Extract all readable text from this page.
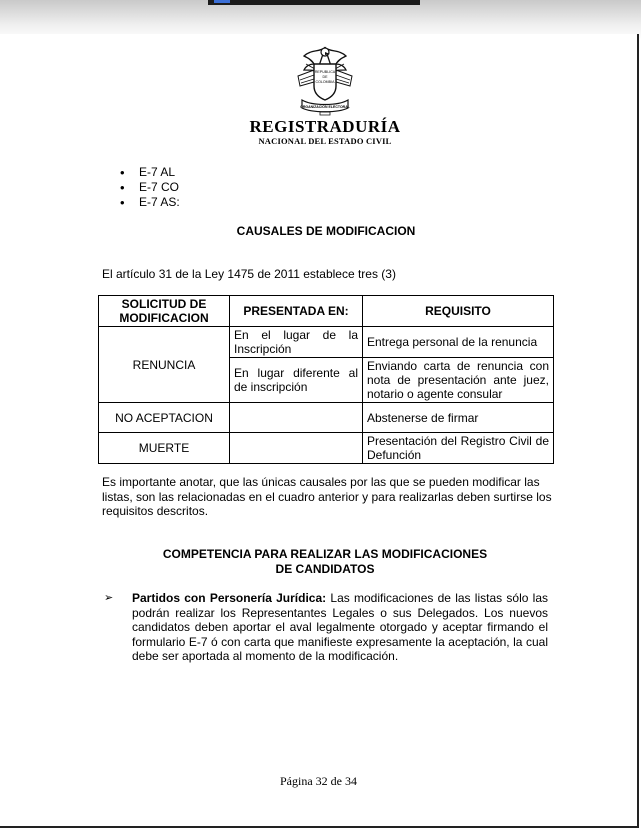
REPUBLICA
DE
COLOMBIA
ORGANIZACION ELECTORAL
REGISTRADURÍA
NACIONAL DEL ESTADO CIVIL
• E-7 AL
• E-7 CO
• E-7 AS:
CAUSALES DE MODIFICACION
El artículo 31 de la Ley 1475 de 2011 establece tres (3)
SOLICITUD DE MODIFICACION	PRESENTADA EN:	REQUISITO
RENUNCIA	En el lugar de la Inscripción	Entrega personal de la renuncia
	En lugar diferente al de inscripción	Enviando carta de renuncia con nota de presentación ante juez, notario o agente consular
NO ACEPTACION		Abstenerse de firmar
MUERTE		Presentación del Registro Civil de Defunción
Es importante anotar, que las únicas causales por las que se pueden modificar las listas, son las relacionadas en el cuadro anterior y para realizarlas deben surtirse los requisitos descritos.
COMPETENCIA PARA REALIZAR LAS MODIFICACIONES DE CANDIDATOS
➢ Partidos con Personería Jurídica: Las modificaciones de las listas sólo las podrán realizar los Representantes Legales o sus Delegados. Los nuevos candidatos deben aportar el aval legalmente otorgado y aceptar firmando el formulario E-7 ó con carta que manifieste expresamente la aceptación, la cual debe ser aportada al momento de la modificación.
Página 32 de 34
